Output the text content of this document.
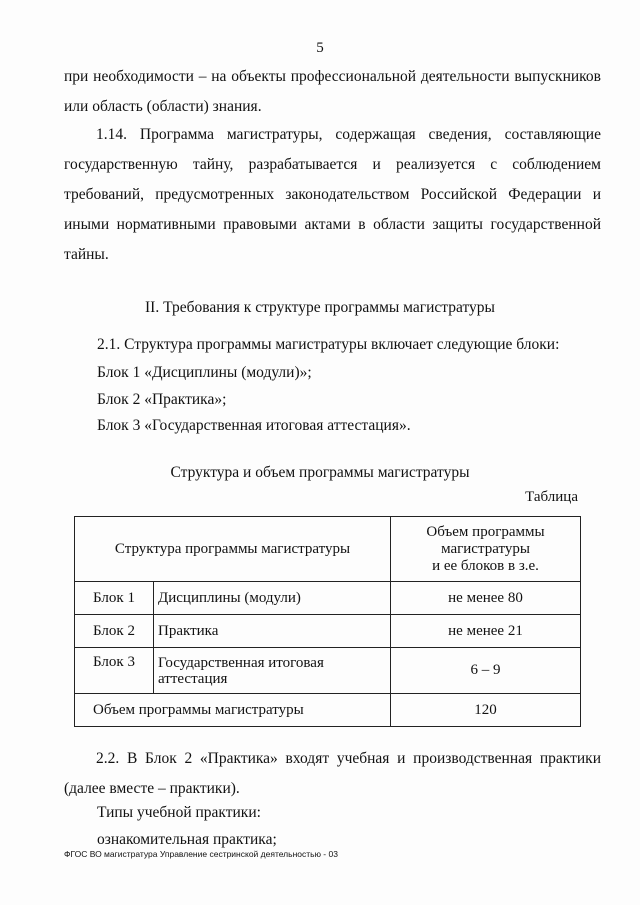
5

при необходимости – на объекты профессиональной деятельности выпускников или область (области) знания.

1.14. Программа магистратуры, содержащая сведения, составляющие государственную тайну, разрабатывается и реализуется с соблюдением требований, предусмотренных законодательством Российской Федерации и иными нормативными правовыми актами в области защиты государственной тайны.

II. Требования к структуре программы магистратуры

2.1. Структура программы магистратуры включает следующие блоки:

Блок 1 «Дисциплины (модули)»;

Блок 2 «Практика»;

Блок 3 «Государственная итоговая аттестация».

Структура и объем программы магистратуры
Таблица
Структура программы магистратуры		Объем программы
магистратуры
и ее блоков в з.е.
Блок 1	Дисциплины (модули)	не менее 80
Блок 2	Практика	не менее 21
Блок 3	Государственная итоговая аттестация	6 – 9
Объем программы магистратуры		120

2.2. В Блок 2 «Практика» входят учебная и производственная практики (далее вместе – практики).

Типы учебной практики:

ознакомительная практика;

ФГОС ВО магистратура Управление сестринской деятельностью - 03
